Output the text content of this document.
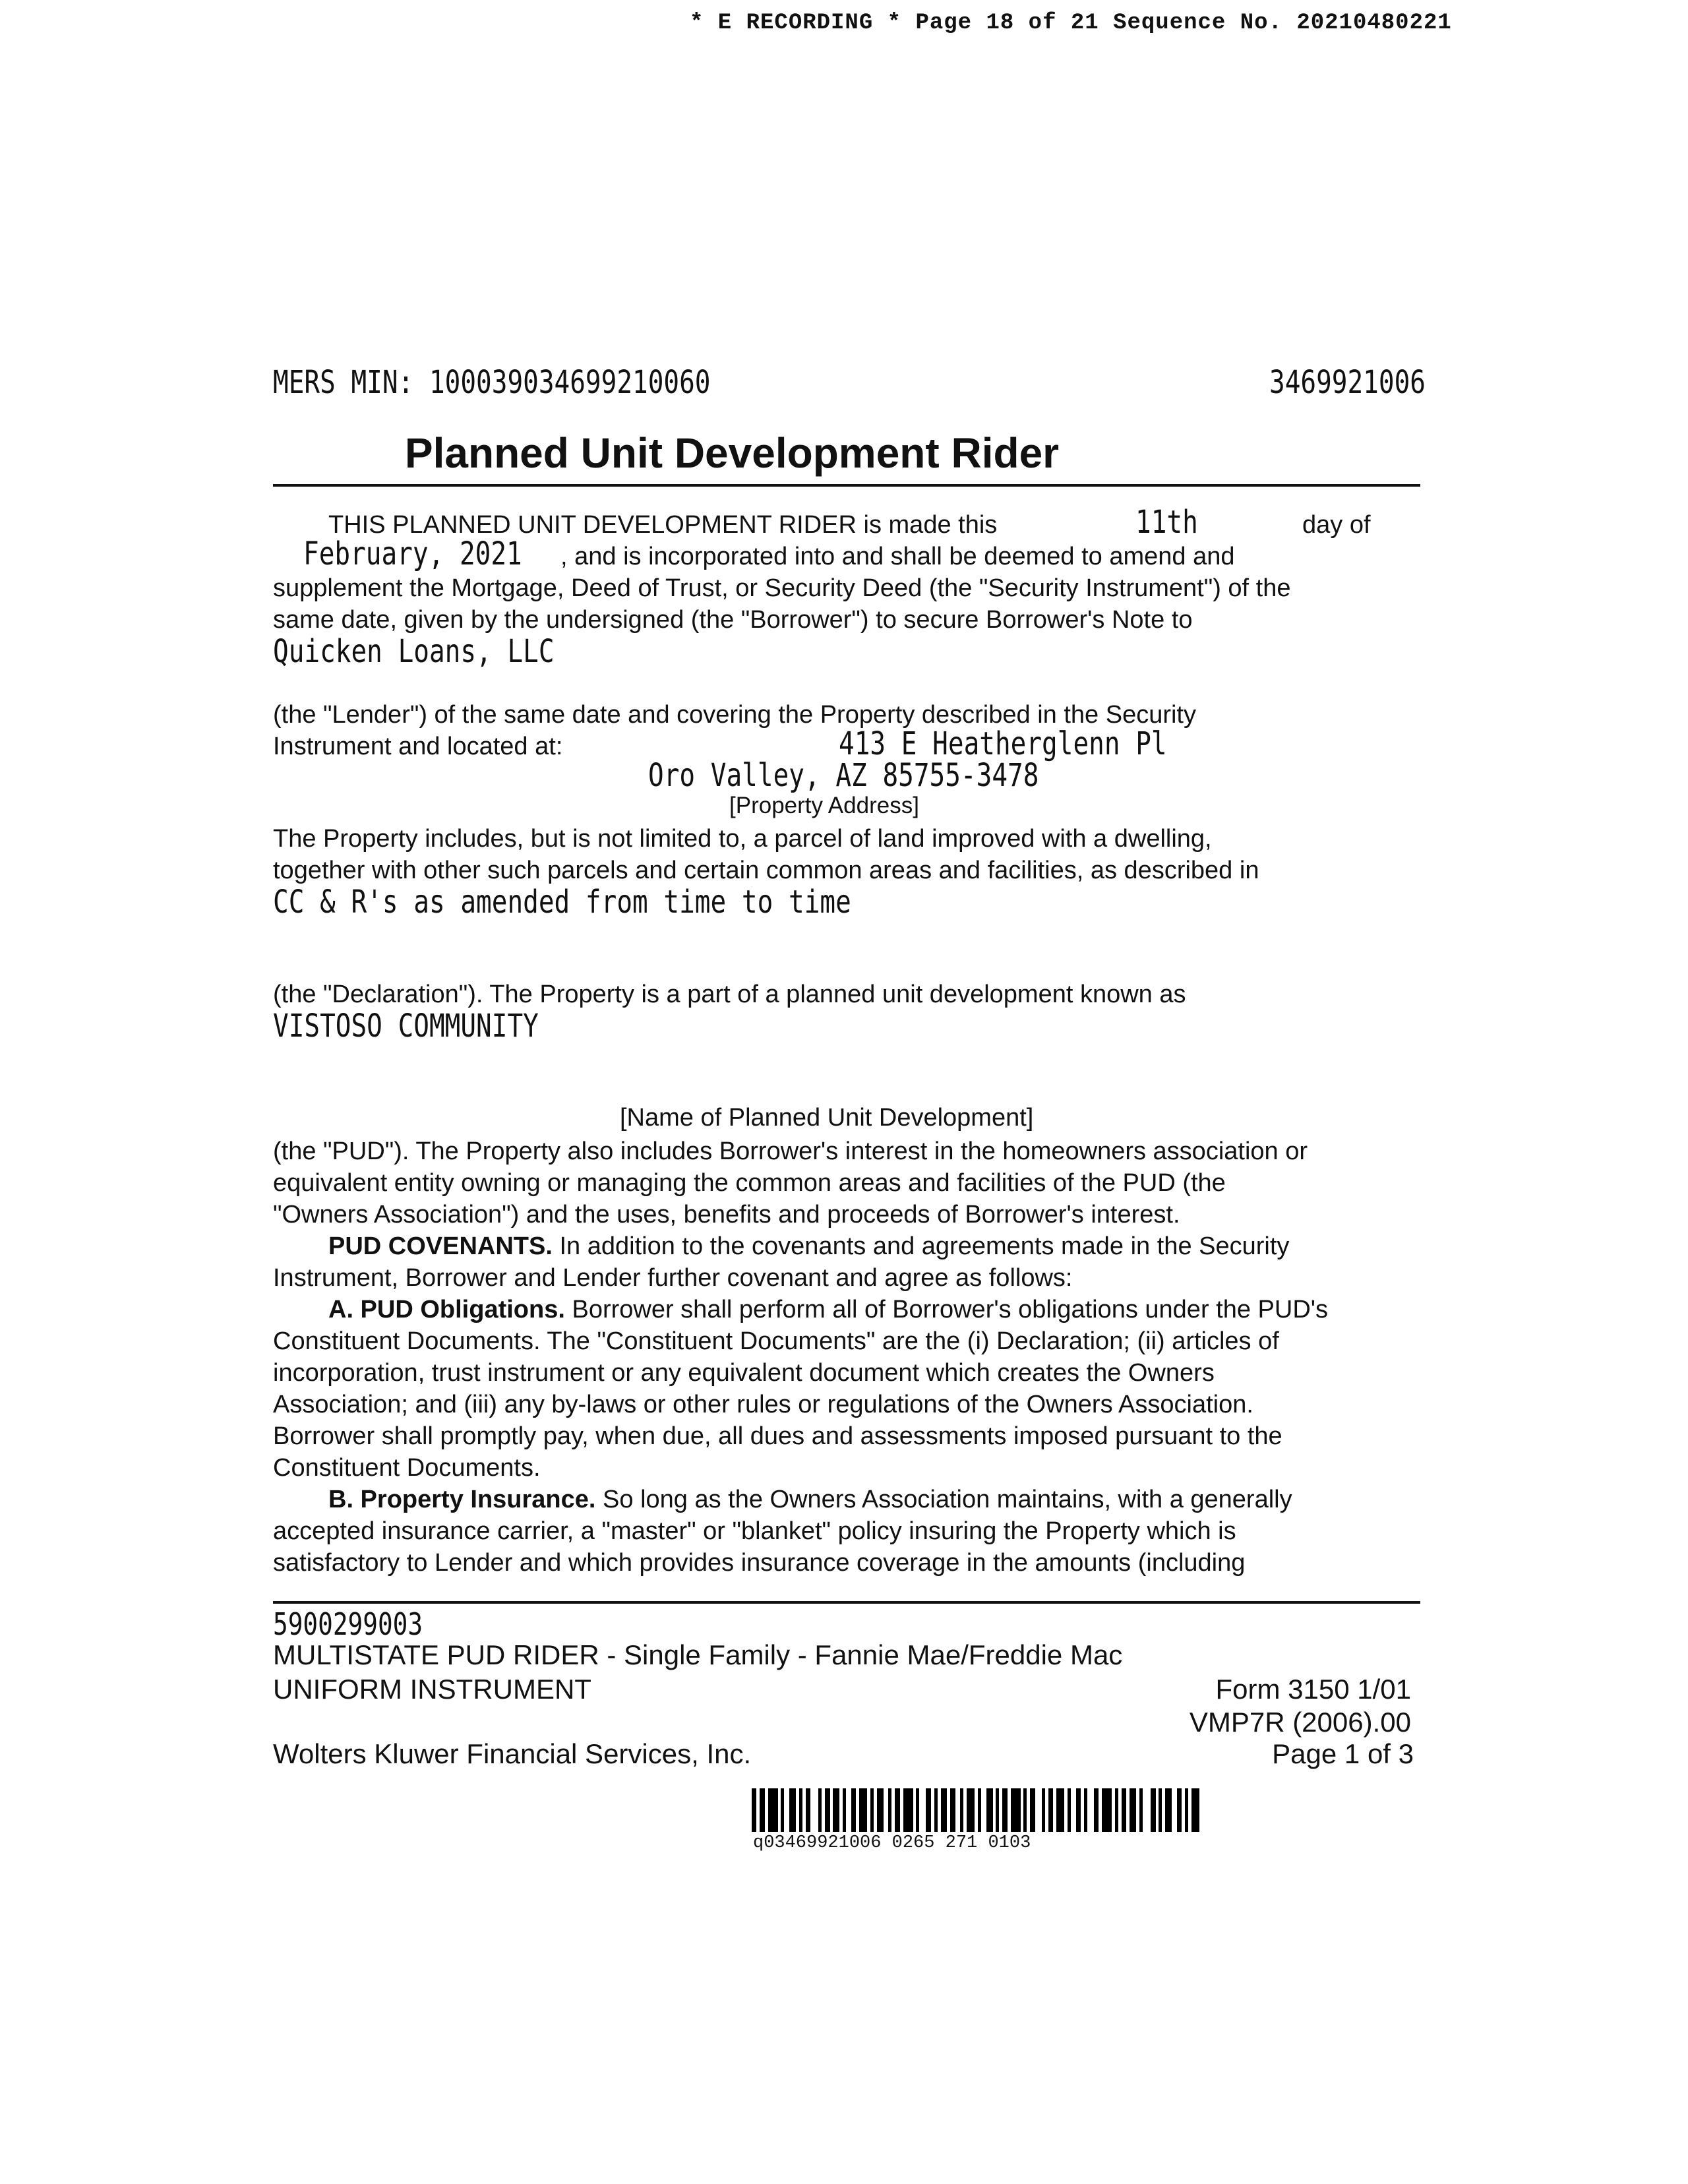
* E RECORDING * Page 18 of 21 Sequence No. 20210480221
MERS MIN: 100039034699210060	3469921006
Planned Unit Development Rider
THIS PLANNED UNIT DEVELOPMENT RIDER is made this	11th	day of
February, 2021 , and is incorporated into and shall be deemed to amend and
supplement the Mortgage, Deed of Trust, or Security Deed (the "Security Instrument") of the
same date, given by the undersigned (the "Borrower") to secure Borrower's Note to
Quicken Loans, LLC
(the "Lender") of the same date and covering the Property described in the Security
Instrument and located at:	413 E Heatherglenn Pl
Oro Valley, AZ 85755-3478
[Property Address]
The Property includes, but is not limited to, a parcel of land improved with a dwelling,
together with other such parcels and certain common areas and facilities, as described in
CC & R's as amended from time to time
(the "Declaration"). The Property is a part of a planned unit development known as
VISTOSO COMMUNITY
[Name of Planned Unit Development]
(the "PUD"). The Property also includes Borrower's interest in the homeowners association or
equivalent entity owning or managing the common areas and facilities of the PUD (the
"Owners Association") and the uses, benefits and proceeds of Borrower's interest.
PUD COVENANTS. In addition to the covenants and agreements made in the Security
Instrument, Borrower and Lender further covenant and agree as follows:
A. PUD Obligations. Borrower shall perform all of Borrower's obligations under the PUD's
Constituent Documents. The "Constituent Documents" are the (i) Declaration; (ii) articles of
incorporation, trust instrument or any equivalent document which creates the Owners
Association; and (iii) any by-laws or other rules or regulations of the Owners Association.
Borrower shall promptly pay, when due, all dues and assessments imposed pursuant to the
Constituent Documents.
B. Property Insurance. So long as the Owners Association maintains, with a generally
accepted insurance carrier, a "master" or "blanket" policy insuring the Property which is
satisfactory to Lender and which provides insurance coverage in the amounts (including
5900299003
MULTISTATE PUD RIDER - Single Family - Fannie Mae/Freddie Mac
UNIFORM INSTRUMENT	Form 3150 1/01
VMP7R (2006).00
Wolters Kluwer Financial Services, Inc.	Page 1 of 3
q03469921006 0265 271 0103
